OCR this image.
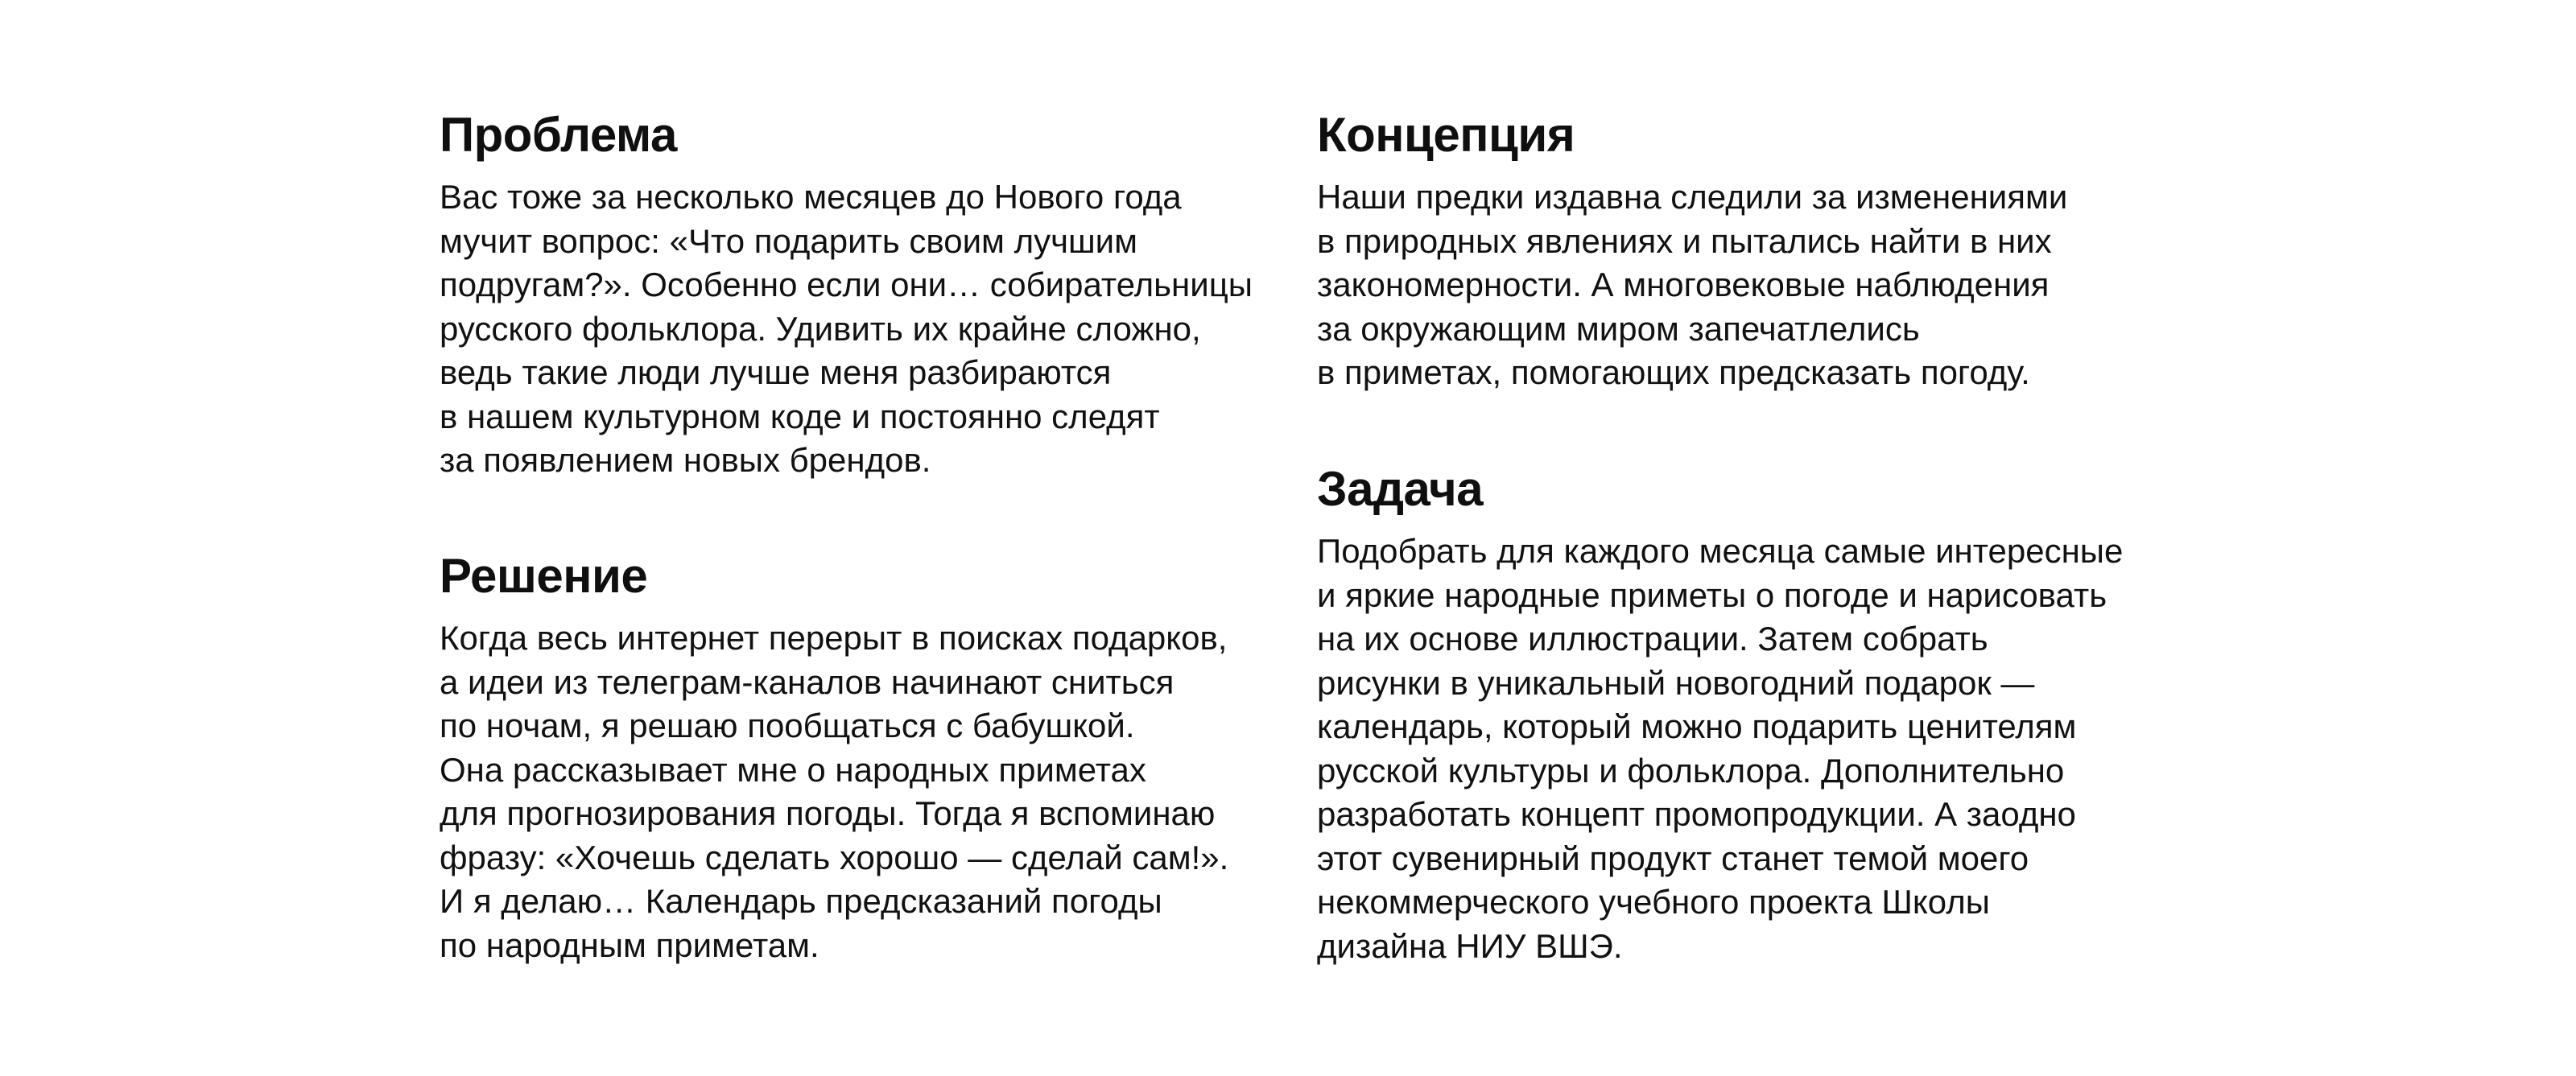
Проблема
Вас тоже за несколько месяцев до Нового года
мучит вопрос: «Что подарить своим лучшим
подругам?». Особенно если они… собирательницы
русского фольклора. Удивить их крайне сложно,
ведь такие люди лучше меня разбираются
в нашем культурном коде и постоянно следят
за появлением новых брендов.
Решение
Когда весь интернет перерыт в поисках подарков,
а идеи из телеграм-каналов начинают сниться
по ночам, я решаю пообщаться с бабушкой.
Она рассказывает мне о народных приметах
для прогнозирования погоды. Тогда я вспоминаю
фразу: «Хочешь сделать хорошо — сделай сам!».
И я делаю… Календарь предсказаний погоды
по народным приметам.
Концепция
Наши предки издавна следили за изменениями
в природных явлениях и пытались найти в них
закономерности. А многовековые наблюдения
за окружающим миром запечатлелись
в приметах, помогающих предсказать погоду.
Задача
Подобрать для каждого месяца самые интересные
и яркие народные приметы о погоде и нарисовать
на их основе иллюстрации. Затем собрать
рисунки в уникальный новогодний подарок —
календарь, который можно подарить ценителям
русской культуры и фольклора. Дополнительно
разработать концепт промопродукции. А заодно
этот сувенирный продукт станет темой моего
некоммерческого учебного проекта Школы
дизайна НИУ ВШЭ.
